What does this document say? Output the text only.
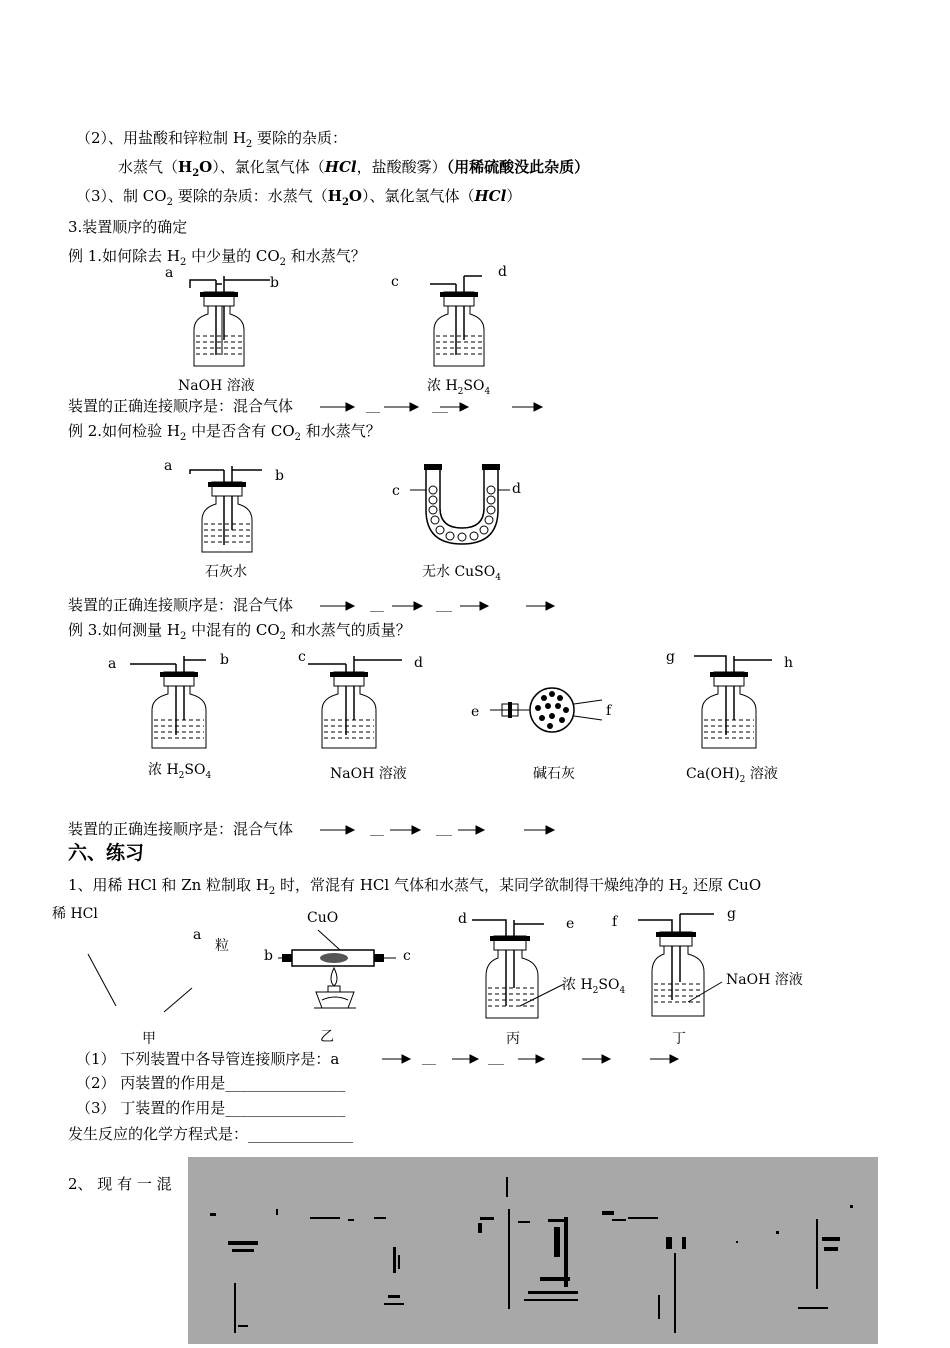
（2）、用盐酸和锌粒制 $H_2$ 要除的杂质：
水蒸气$(H_2O)$、氯化氢气体（HCl，盐酸酸雾）（用稀硫酸没此杂质）
（3）、制 $CO_2$ 要除的杂质：水蒸气$(H_2O)$、氯化氢气体（HCl）
3.装置顺序的确定
例 1.如何除去 $H_2$ 中少量的 $CO_2$ 和水蒸气？
a
b
NaOH 溶液
c
d
浓 $H_2SO_4$
装置的正确连接顺序是：混合气体
例 2.如何检验 $H_2$ 中是否含有 $CO_2$ 和水蒸气？
a
b
石灰水
c	d
无水 CuSO$_4$
装置的正确连接顺序是：混合气体
例 3.如何测量 $H_2$ 中混有的 $CO_2$ 和水蒸气的质量？
a	b
浓 $H_2SO_4$
c	d
NaOH 溶液
e	f
碱石灰
g	h
$Ca(OH)_2$ 溶液
装置的正确连接顺序是：混合气体
六、练习
1、用稀 HCl 和 Zn 粒制取 $H_2$ 时，常混有 HCl 气体和水蒸气，某同学欲制得干燥纯净的 $H_2$ 还原 CuO
稀 HCl
a
粒
甲
CuO
b	c
乙
d	e
浓 $H_2SO_4$
丙
f	g
NaOH 溶液
丁
（1） 下列装置中各导管连接顺序是：a
（2） 丙装置的作用是________________
（3） 丁装置的作用是________________
发生反应的化学方程式是：______________
2、 现 有 一 混
